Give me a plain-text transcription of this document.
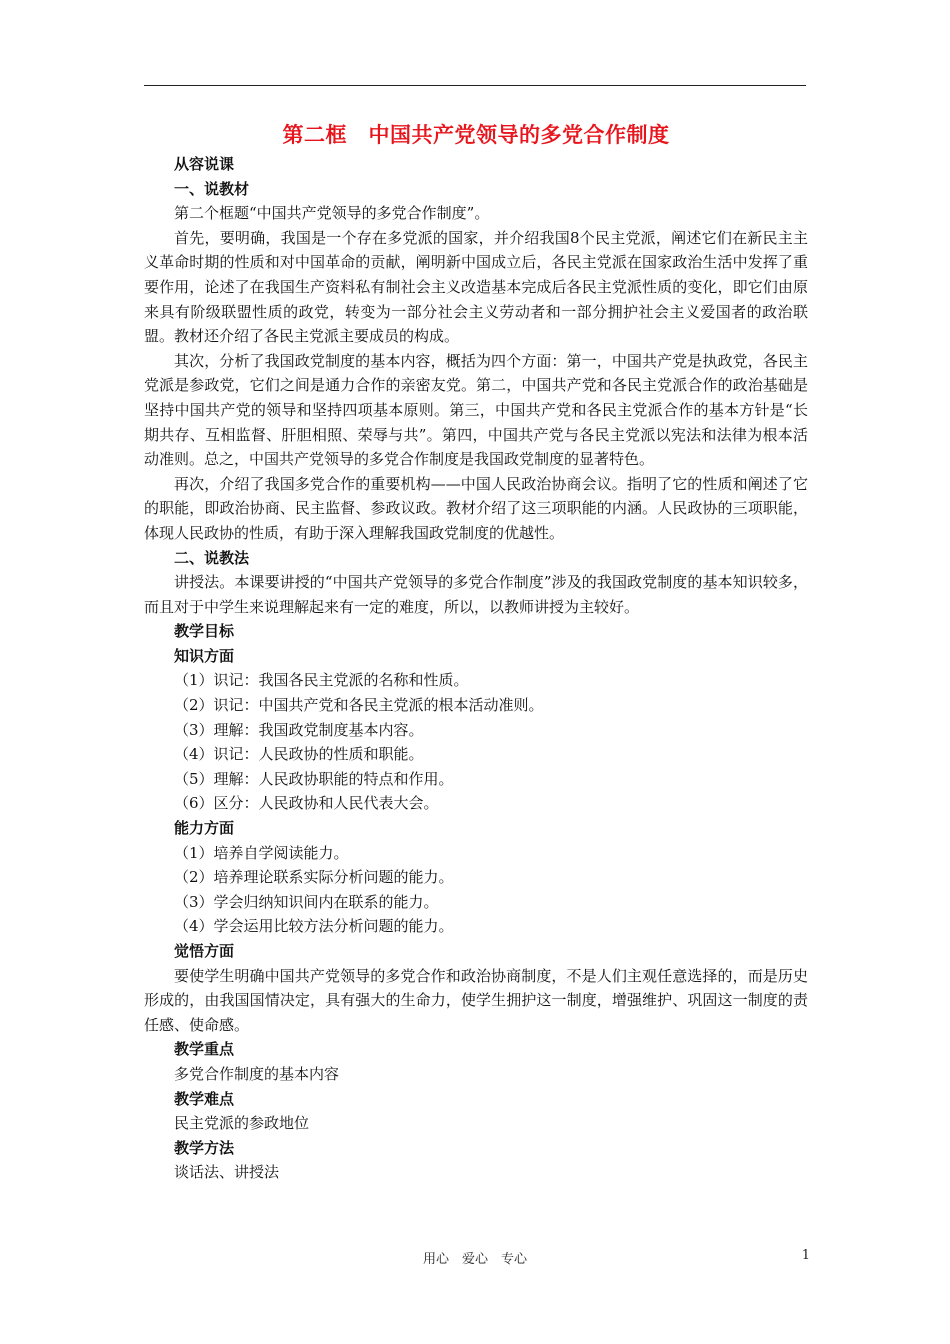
第二框　中国共产党领导的多党合作制度
从容说课
一、说教材

第二个框题“中国共产党领导的多党合作制度”。

首先，要明确，我国是一个存在多党派的国家，并介绍我国8个民主党派，阐述它们在新民主主义革命时期的性质和对中国革命的贡献，阐明新中国成立后，各民主党派在国家政治生活中发挥了重要作用，论述了在我国生产资料私有制社会主义改造基本完成后各民主党派性质的变化，即它们由原来具有阶级联盟性质的政党，转变为一部分社会主义劳动者和一部分拥护社会主义爱国者的政治联盟。教材还介绍了各民主党派主要成员的构成。

其次，分析了我国政党制度的基本内容，概括为四个方面：第一，中国共产党是执政党，各民主党派是参政党，它们之间是通力合作的亲密友党。第二，中国共产党和各民主党派合作的政治基础是坚持中国共产党的领导和坚持四项基本原则。第三，中国共产党和各民主党派合作的基本方针是“长期共存、互相监督、肝胆相照、荣辱与共”。第四，中国共产党与各民主党派以宪法和法律为根本活动准则。总之，中国共产党领导的多党合作制度是我国政党制度的显著特色。

再次，介绍了我国多党合作的重要机构——中国人民政治协商会议。指明了它的性质和阐述了它的职能，即政治协商、民主监督、参政议政。教材介绍了这三项职能的内涵。人民政协的三项职能，体现人民政协的性质，有助于深入理解我国政党制度的优越性。

二、说教法

讲授法。本课要讲授的“中国共产党领导的多党合作制度”涉及的我国政党制度的基本知识较多，而且对于中学生来说理解起来有一定的难度，所以，以教师讲授为主较好。

教学目标
知识方面

（1）识记：我国各民主党派的名称和性质。

（2）识记：中国共产党和各民主党派的根本活动准则。

（3）理解：我国政党制度基本内容。

（4）识记：人民政协的性质和职能。

（5）理解：人民政协职能的特点和作用。

（6）区分：人民政协和人民代表大会。

能力方面

（1）培养自学阅读能力。

（2）培养理论联系实际分析问题的能力。

（3）学会归纳知识间内在联系的能力。

（4）学会运用比较方法分析问题的能力。

觉悟方面

要使学生明确中国共产党领导的多党合作和政治协商制度，不是人们主观任意选择的，而是历史形成的，由我国国情决定，具有强大的生命力，使学生拥护这一制度，增强维护、巩固这一制度的责任感、使命感。

教学重点

多党合作制度的基本内容

教学难点

民主党派的参政地位

教学方法

谈话法、讲授法

用心　爱心　专心	1
